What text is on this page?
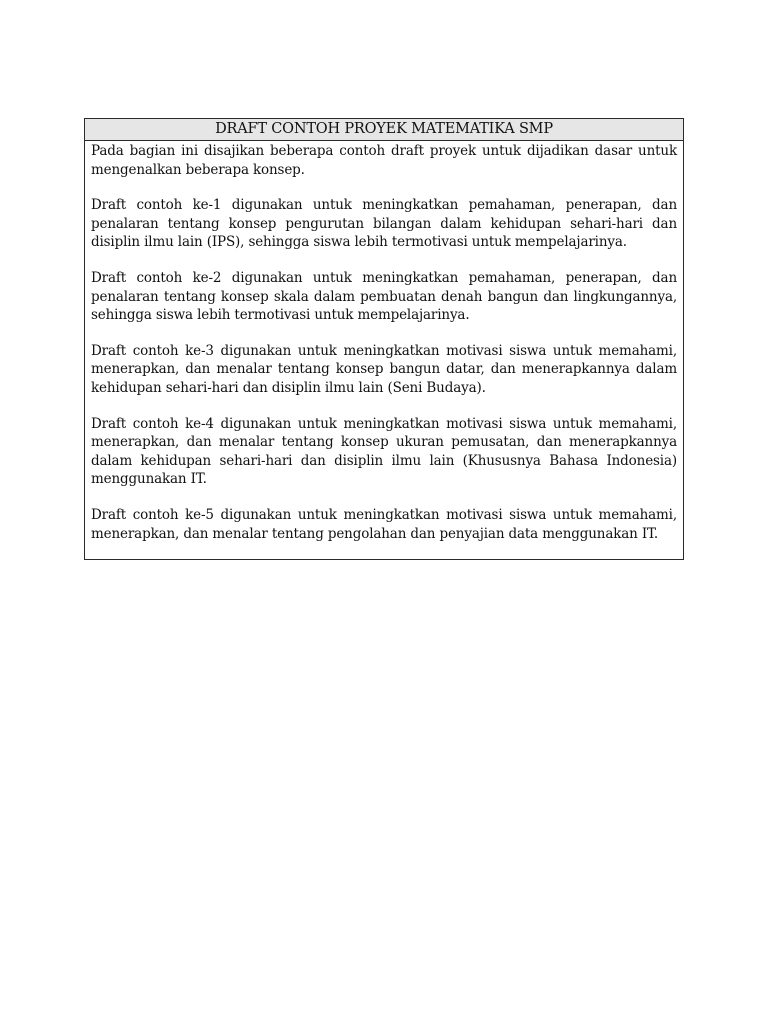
DRAFT CONTOH PROYEK MATEMATIKA SMP

Pada bagian ini disajikan beberapa contoh draft proyek untuk dijadikan dasar untuk mengenalkan beberapa konsep.

Draft contoh ke-1 digunakan untuk meningkatkan pemahaman, penerapan, dan penalaran tentang konsep pengurutan bilangan dalam kehidupan sehari-hari dan disiplin ilmu lain (IPS), sehingga siswa lebih termotivasi untuk mempelajarinya.

Draft contoh ke-2 digunakan untuk meningkatkan pemahaman, penerapan, dan penalaran tentang konsep skala dalam pembuatan denah bangun dan lingkungannya, sehingga siswa lebih termotivasi untuk mempelajarinya.

Draft contoh ke-3 digunakan untuk meningkatkan motivasi siswa untuk memahami, menerapkan, dan menalar tentang konsep bangun datar, dan menerapkannya dalam kehidupan sehari-hari dan disiplin ilmu lain (Seni Budaya).

Draft contoh ke-4 digunakan untuk meningkatkan motivasi siswa untuk memahami, menerapkan, dan menalar tentang konsep ukuran pemusatan, dan menerapkannya dalam kehidupan sehari-hari dan disiplin ilmu lain (Khususnya Bahasa Indonesia) menggunakan IT.

Draft contoh ke-5 digunakan untuk meningkatkan motivasi siswa untuk memahami, menerapkan, dan menalar tentang pengolahan dan penyajian data menggunakan IT.
